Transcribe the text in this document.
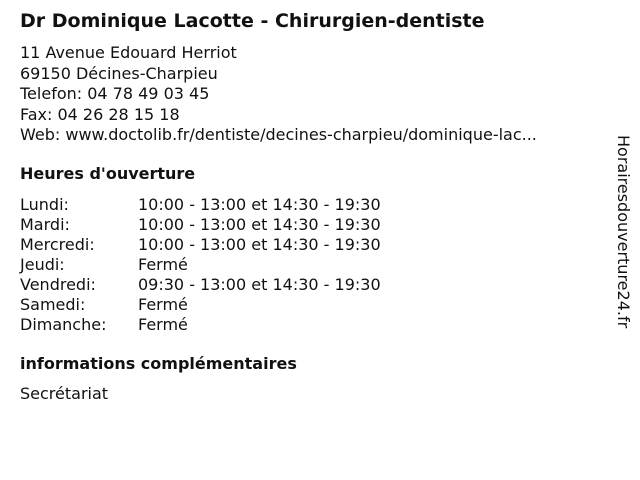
Dr Dominique Lacotte - Chirurgien-dentiste
11 Avenue Edouard Herriot
69150 Décines-Charpieu
Telefon: 04 78 49 03 45
Fax: 04 26 28 15 18
Web: www.doctolib.fr/dentiste/decines-charpieu/dominique-lac...
Heures d'ouverture
Lundi:	10:00 - 13:00 et 14:30 - 19:30
Mardi:	10:00 - 13:00 et 14:30 - 19:30
Mercredi:	10:00 - 13:00 et 14:30 - 19:30
Jeudi:	Fermé
Vendredi:	09:30 - 13:00 et 14:30 - 19:30
Samedi:	Fermé
Dimanche:	Fermé
informations complémentaires
Secrétariat
Horairesdouverture24.fr
